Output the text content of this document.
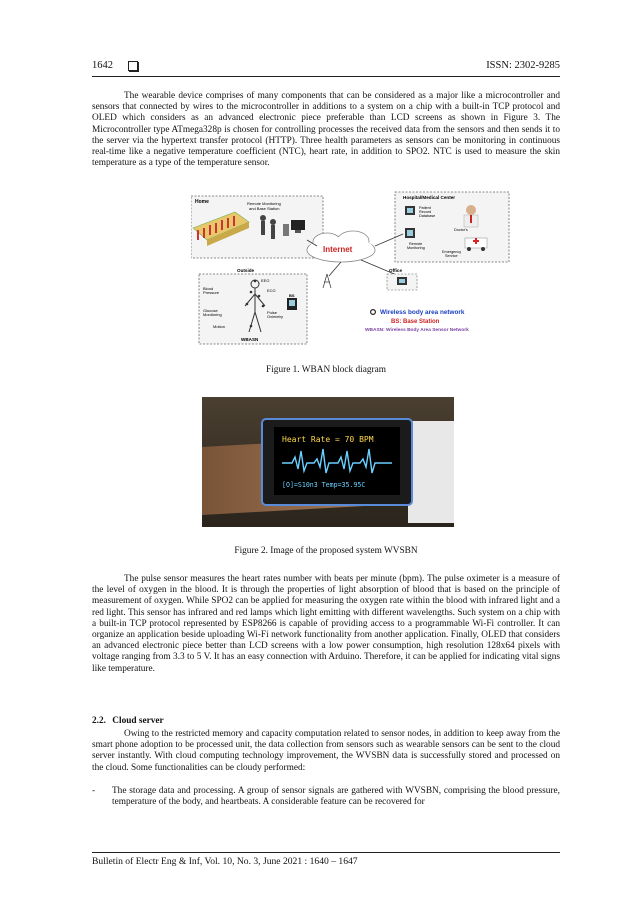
1642	ISSN: 2302-9285

The wearable device comprises of many components that can be considered as a major like a microcontroller and sensors that connected by wires to the microcontroller in additions to a system on a chip with a built-in TCP protocol and OLED which considers as an advanced electronic piece preferable than LCD screens as shown in Figure 3. The Microcontroller type ATmega328p is chosen for controlling processes the received data from the sensors and then sends it to the server via the hypertext transfer protocol (HTTP). Three health parameters as sensors can be monitoring in continuous real-time like a negative temperature coefficient (NTC), heart rate, in addition to SPO2. NTC is used to measure the skin temperature as a type of the temperature sensor.

Home	Remote Monitoring
and Base Station
Hospital/Medical Center
Patient
Record
Database
Doctor's
Remote
Monitoring
Emergency
Service
Internet
Office
Outside
EEG
Blood
Pressure	ECG
BS
Glucose
Monitoring	Pulse
Oximetry
Motion
WBASN
Wireless body area network
BS: Base Station
WBASN: Wireless Body Area Sensor Network
Figure 1. WBAN block diagram
Heart Rate = 70 BPM
[O]=S10n3 Temp=35.95C
Figure 2. Image of the proposed system WVSBN

The pulse sensor measures the heart rates number with beats per minute (bpm). The pulse oximeter is a measure of the level of oxygen in the blood. It is through the properties of light absorption of blood that is based on the principle of measurement of oxygen. While SPO2 can be applied for measuring the oxygen rate within the blood with infrared light and a red light. This sensor has infrared and red lamps which light emitting with different wavelengths. Such system on a chip with a built-in TCP protocol represented by ESP8266 is capable of providing access to a programmable Wi-Fi controller. It can organize an application beside uploading Wi-Fi network functionality from another application. Finally, OLED that considers an advanced electronic piece better than LCD screens with a low power consumption, high resolution 128x64 pixels with voltage ranging from 3.3 to 5 V. It has an easy connection with Arduino. Therefore, it can be applied for indicating vital signs like temperature.

2.2. Cloud server

Owing to the restricted memory and capacity computation related to sensor nodes, in addition to keep away from the smart phone adoption to be processed unit, the data collection from sensors such as wearable sensors can be sent to the cloud server instantly. With cloud computing technology improvement, the WVSBN data is successfully stored and processed on the cloud. Some functionalities can be cloudy performed:

- The storage data and processing. A group of sensor signals are gathered with WVSBN, comprising the blood pressure, temperature of the body, and heartbeats. A considerable feature can be recovered for
Bulletin of Electr Eng & Inf, Vol. 10, No. 3, June 2021 : 1640 – 1647
